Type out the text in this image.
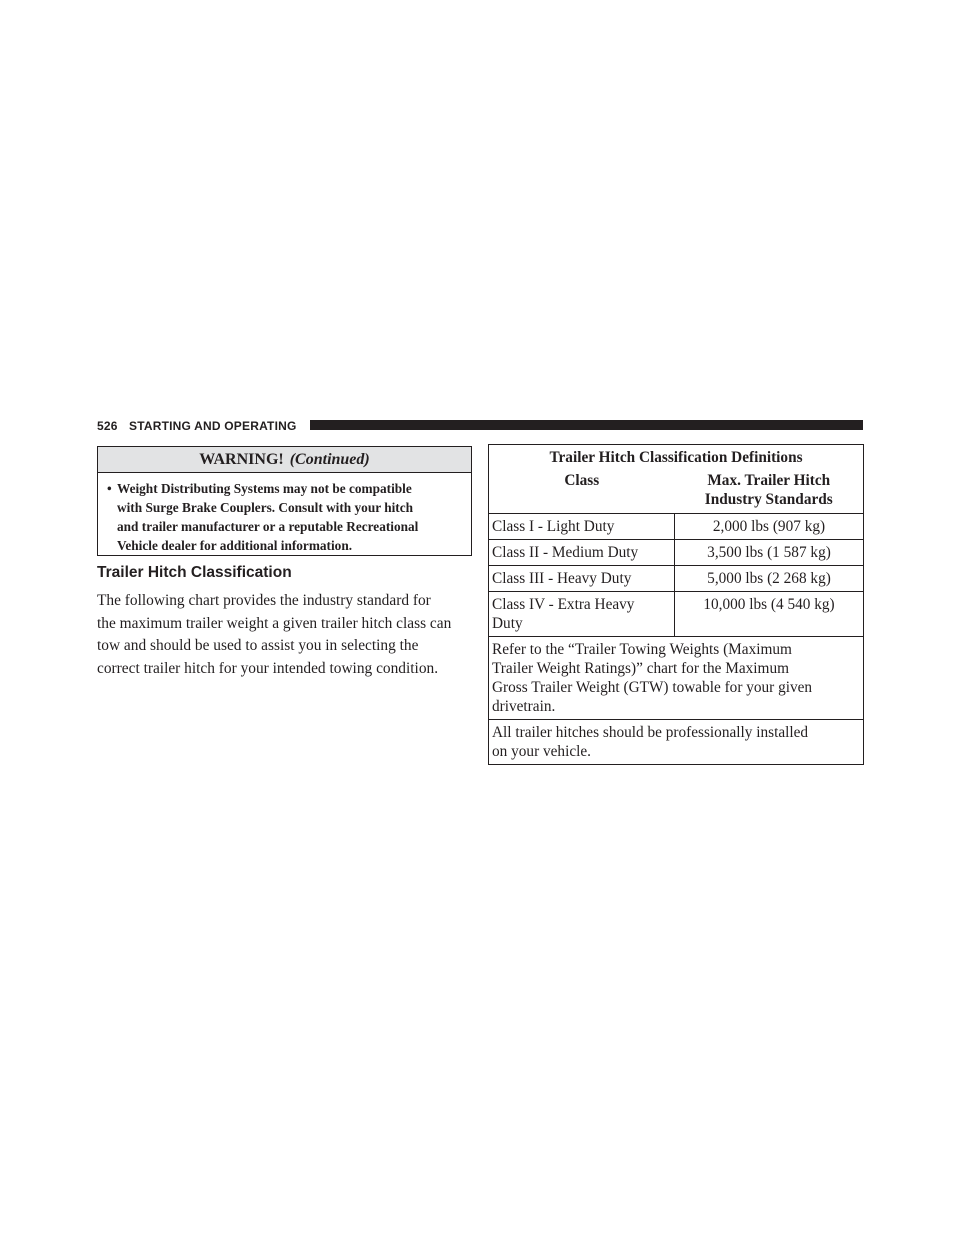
526 STARTING AND OPERATING
WARNING! (Continued)
• Weight Distributing Systems may not be compatible
with Surge Brake Couplers. Consult with your hitch
and trailer manufacturer or a reputable Recreational
Vehicle dealer for additional information.
Trailer Hitch Classification

The following chart provides the industry standard for
the maximum trailer weight a given trailer hitch class can
tow and should be used to assist you in selecting the
correct trailer hitch for your intended towing condition.

Trailer Hitch Classification Definitions	
Class	Max. Trailer Hitch
Industry Standards
Class I - Light Duty	2,000 lbs (907 kg)
Class II - Medium Duty	3,500 lbs (1 587 kg)
Class III - Heavy Duty	5,000 lbs (2 268 kg)
Class IV - Extra Heavy
Duty	10,000 lbs (4 540 kg)
Refer to the “Trailer Towing Weights (Maximum
Trailer Weight Ratings)” chart for the Maximum
Gross Trailer Weight (GTW) towable for your given
drivetrain.	
All trailer hitches should be professionally installed
on your vehicle.	
